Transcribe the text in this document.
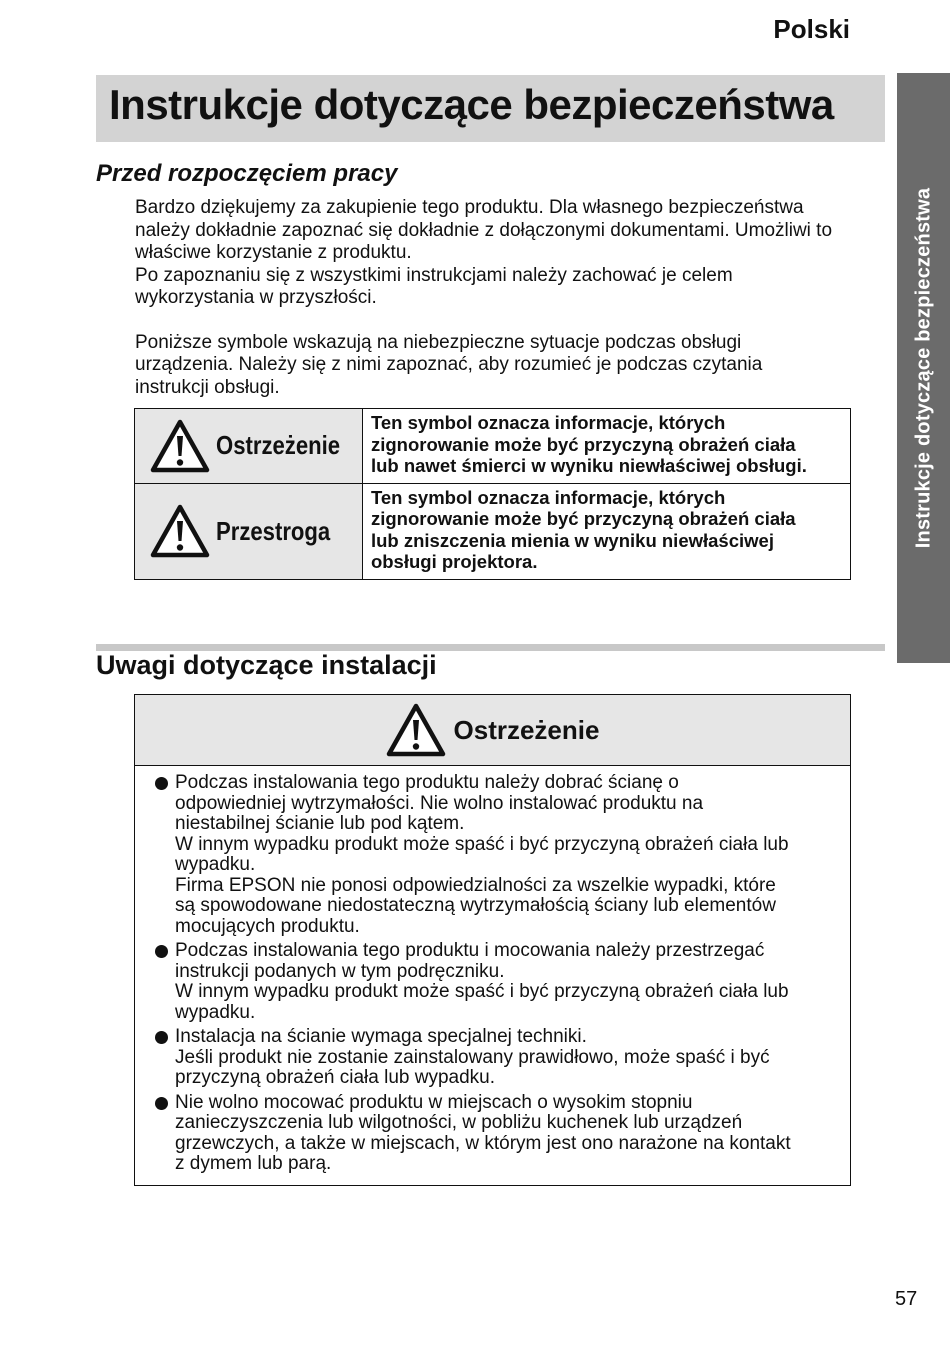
Polski
Instrukcje dotyczące bezpieczeństwa
Instrukcje dotyczące bezpieczeństwa
Przed rozpoczęciem pracy

Bardzo dziękujemy za zakupienie tego produktu. Dla własnego bezpieczeństwa
należy dokładnie zapoznać się dokładnie z dołączonymi dokumentami. Umożliwi to
właściwe korzystanie z produktu.
Po zapoznaniu się z wszystkimi instrukcjami należy zachować je celem
wykorzystania w przyszłości.

Poniższe symbole wskazują na niebezpieczne sytuacje podczas obsługi
urządzenia. Należy się z nimi zapoznać, aby rozumieć je podczas czytania
instrukcji obsługi.

Ostrzeżenie	Ten symbol oznacza informacje, których
zignorowanie może być przyczyną obrażeń ciała
lub nawet śmierci w wyniku niewłaściwej obsługi.

Przestroga	Ten symbol oznacza informacje, których
zignorowanie może być przyczyną obrażeń ciała
lub zniszczenia mienia w wyniku niewłaściwej
obsługi projektora.
Uwagi dotyczące instalacji
Ostrzeżenie
Podczas instalowania tego produktu należy dobrać ścianę o
odpowiedniej wytrzymałości. Nie wolno instalować produktu na
niestabilnej ścianie lub pod kątem.
W innym wypadku produkt może spaść i być przyczyną obrażeń ciała lub
wypadku.
Firma EPSON nie ponosi odpowiedzialności za wszelkie wypadki, które
są spowodowane niedostateczną wytrzymałością ściany lub elementów
mocujących produktu.
Podczas instalowania tego produktu i mocowania należy przestrzegać
instrukcji podanych w tym podręczniku.
W innym wypadku produkt może spaść i być przyczyną obrażeń ciała lub
wypadku.
Instalacja na ścianie wymaga specjalnej techniki.
Jeśli produkt nie zostanie zainstalowany prawidłowo, może spaść i być
przyczyną obrażeń ciała lub wypadku.
Nie wolno mocować produktu w miejscach o wysokim stopniu
zanieczyszczenia lub wilgotności, w pobliżu kuchenek lub urządzeń
grzewczych, a także w miejscach, w którym jest ono narażone na kontakt
z dymem lub parą.
57
